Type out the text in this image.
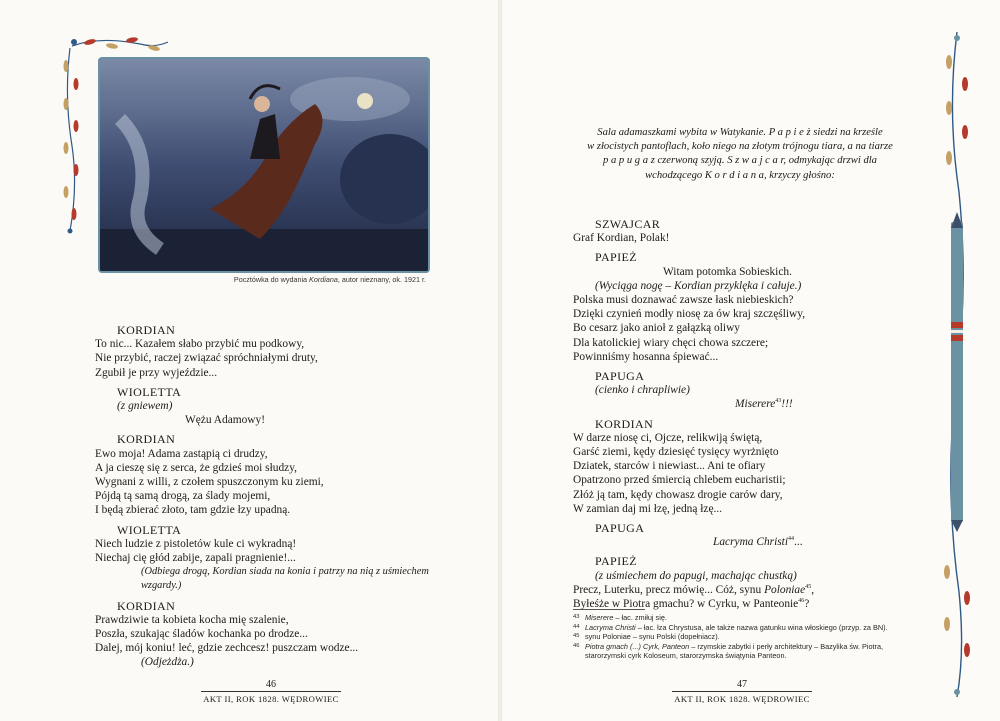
Pocztówka do wydania Kordiana, autor nieznany, ok. 1921 r.
KORDIAN
To nic... Kazałem słabo przybić mu podkowy,
Nie przybić, raczej związać spróchniałymi druty,
Zgubił je przy wyjeździe...
WIOLETTA
(z gniewem)
Wężu Adamowy!
KORDIAN
Ewo moja! Adama zastąpią ci drudzy,
A ja cieszę się z serca, że gdzieś moi słudzy,
Wygnani z willi, z czołem spuszczonym ku ziemi,
Pójdą tą samą drogą, za ślady mojemi,
I będą zbierać złoto, tam gdzie łzy upadną.
WIOLETTA
Niech ludzie z pistoletów kule ci wykradną!
Niechaj cię głód zabije, zapali pragnienie!...
(Odbiega drogą, Kordian siada na konia i patrzy na nią z uśmiechem
wzgardy.)
KORDIAN
Prawdziwie ta kobieta kocha mię szalenie,
Poszła, szukając śladów kochanka po drodze...
Dalej, mój koniu! leć, gdzie zechcesz! puszczam wodze...
(Odjeżdża.)
Sala adamaszkami wybita w Watykanie. P a p i e ż siedzi na krześle
w złocistych pantoflach, koło niego na złotym trójnogu tiara, a na tiarze
p a p u g a z czerwoną szyją. S z w a j c a r, odmykając drzwi dla
wchodzącego K o r d i a n a, krzyczy głośno:
SZWAJCAR
Graf Kordian, Polak!
PAPIEŻ
Witam potomka Sobieskich.
(Wyciąga nogę – Kordian przyklęka i całuje.)
Polska musi doznawać zawsze łask niebieskich?
Dzięki czynień modły niosę za ów kraj szczęśliwy,
Bo cesarz jako anioł z gałązką oliwy
Dla katolickiej wiary chęci chowa szczere;
Powinniśmy hosanna śpiewać...
PAPUGA
(cienko i chrapliwie)
Miserere$^{43}$!!!
KORDIAN
W darze niosę ci, Ojcze, relikwiją świętą,
Garść ziemi, kędy dziesięć tysięcy wyrżnięto
Dziatek, starców i niewiast... Ani te ofiary
Opatrzono przed śmiercią chlebem eucharistii;
Złóż ją tam, kędy chowasz drogie carów dary,
W zamian daj mi łzę, jedną łzę...
PAPUGA
Lacryma Christi$^{44}$...
PAPIEŻ
(z uśmiechem do papugi, machając chustką)
Precz, Luterku, precz mówię... Cóż, synu Poloniae$^{45}$,
Byłeśże w Piotra gmachu? w Cyrku, w Panteonie$^{46}$?
43 Miserere – łac. zmiłuj się.
44 Lacryma Christi – łac. łza Chrystusa, ale także nazwa gatunku wina włoskiego (przyp. za BN).
45 synu Poloniae – synu Polski (dopełniacz).
46 Piotra gmach (...) Cyrk, Panteon – rzymskie zabytki i perły architektury – Bazylika św. Piotra, starorzymski cyrk Koloseum, starorzymska świątynia Panteon.
46
AKT II, ROK 1828. WĘDROWIEC
47
AKT II, ROK 1828. WĘDROWIEC
